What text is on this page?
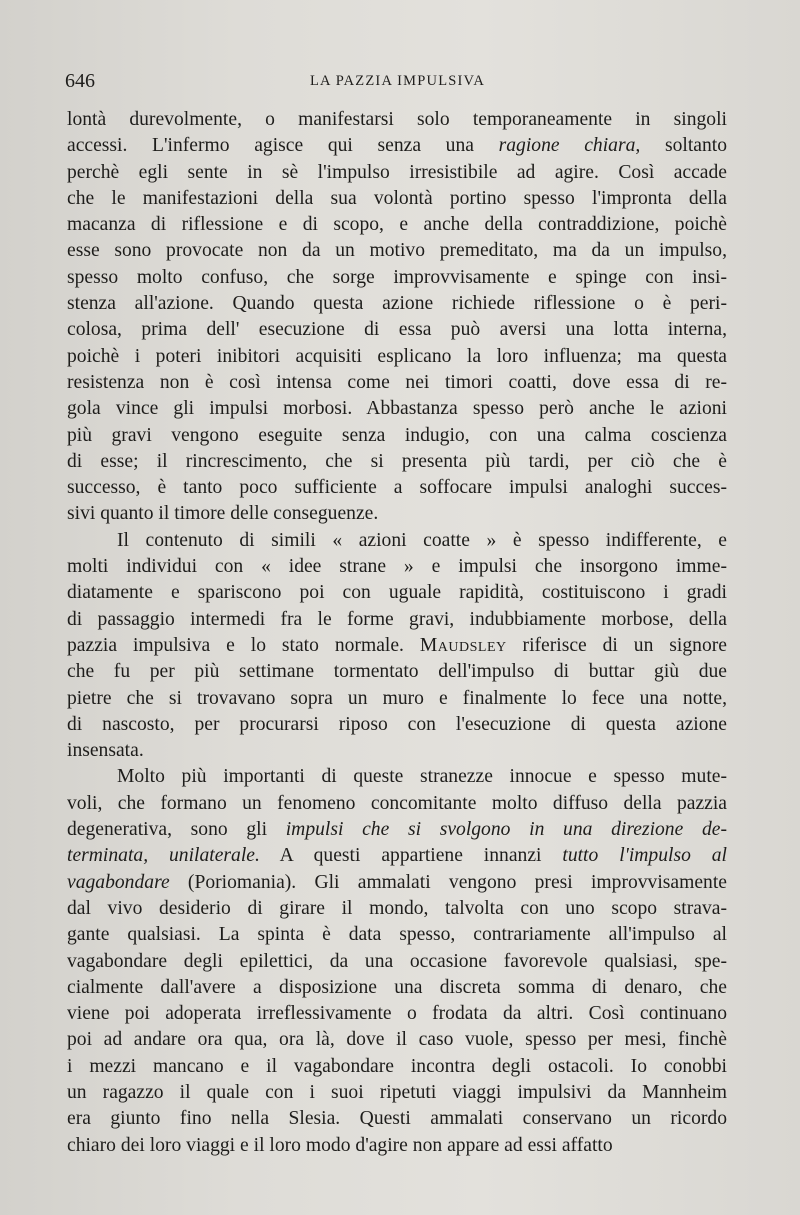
646	LA PAZZIA IMPULSIVA
lontà durevolmente, o manifestarsi solo temporaneamente in singoli
accessi. L'infermo agisce qui senza una ragione chiara, soltanto
perchè egli sente in sè l'impulso irresistibile ad agire. Così accade
che le manifestazioni della sua volontà portino spesso l'impronta della
macanza di riflessione e di scopo, e anche della contraddizione, poichè
esse sono provocate non da un motivo premeditato, ma da un impulso,
spesso molto confuso, che sorge improvvisamente e spinge con insi-
stenza all'azione. Quando questa azione richiede riflessione o è peri-
colosa, prima dell' esecuzione di essa può aversi una lotta interna,
poichè i poteri inibitori acquisiti esplicano la loro influenza; ma questa
resistenza non è così intensa come nei timori coatti, dove essa di re-
gola vince gli impulsi morbosi. Abbastanza spesso però anche le azioni
più gravi vengono eseguite senza indugio, con una calma coscienza
di esse; il rincrescimento, che si presenta più tardi, per ciò che è
successo, è tanto poco sufficiente a soffocare impulsi analoghi succes-
sivi quanto il timore delle conseguenze.
Il contenuto di simili « azioni coatte » è spesso indifferente, e
molti individui con « idee strane » e impulsi che insorgono imme-
diatamente e spariscono poi con uguale rapidità, costituiscono i gradi
di passaggio intermedi fra le forme gravi, indubbiamente morbose, della
pazzia impulsiva e lo stato normale. Maudsley riferisce di un signore
che fu per più settimane tormentato dell'impulso di buttar giù due
pietre che si trovavano sopra un muro e finalmente lo fece una notte,
di nascosto, per procurarsi riposo con l'esecuzione di questa azione
insensata.
Molto più importanti di queste stranezze innocue e spesso mute-
voli, che formano un fenomeno concomitante molto diffuso della pazzia
degenerativa, sono gli impulsi che si svolgono in una direzione de-
terminata, unilaterale. A questi appartiene innanzi tutto l'impulso al
vagabondare (Poriomania). Gli ammalati vengono presi improvvisamente
dal vivo desiderio di girare il mondo, talvolta con uno scopo strava-
gante qualsiasi. La spinta è data spesso, contrariamente all'impulso al
vagabondare degli epilettici, da una occasione favorevole qualsiasi, spe-
cialmente dall'avere a disposizione una discreta somma di denaro, che
viene poi adoperata irreflessivamente o frodata da altri. Così continuano
poi ad andare ora qua, ora là, dove il caso vuole, spesso per mesi, finchè
i mezzi mancano e il vagabondare incontra degli ostacoli. Io conobbi
un ragazzo il quale con i suoi ripetuti viaggi impulsivi da Mannheim
era giunto fino nella Slesia. Questi ammalati conservano un ricordo
chiaro dei loro viaggi e il loro modo d'agire non appare ad essi affatto
